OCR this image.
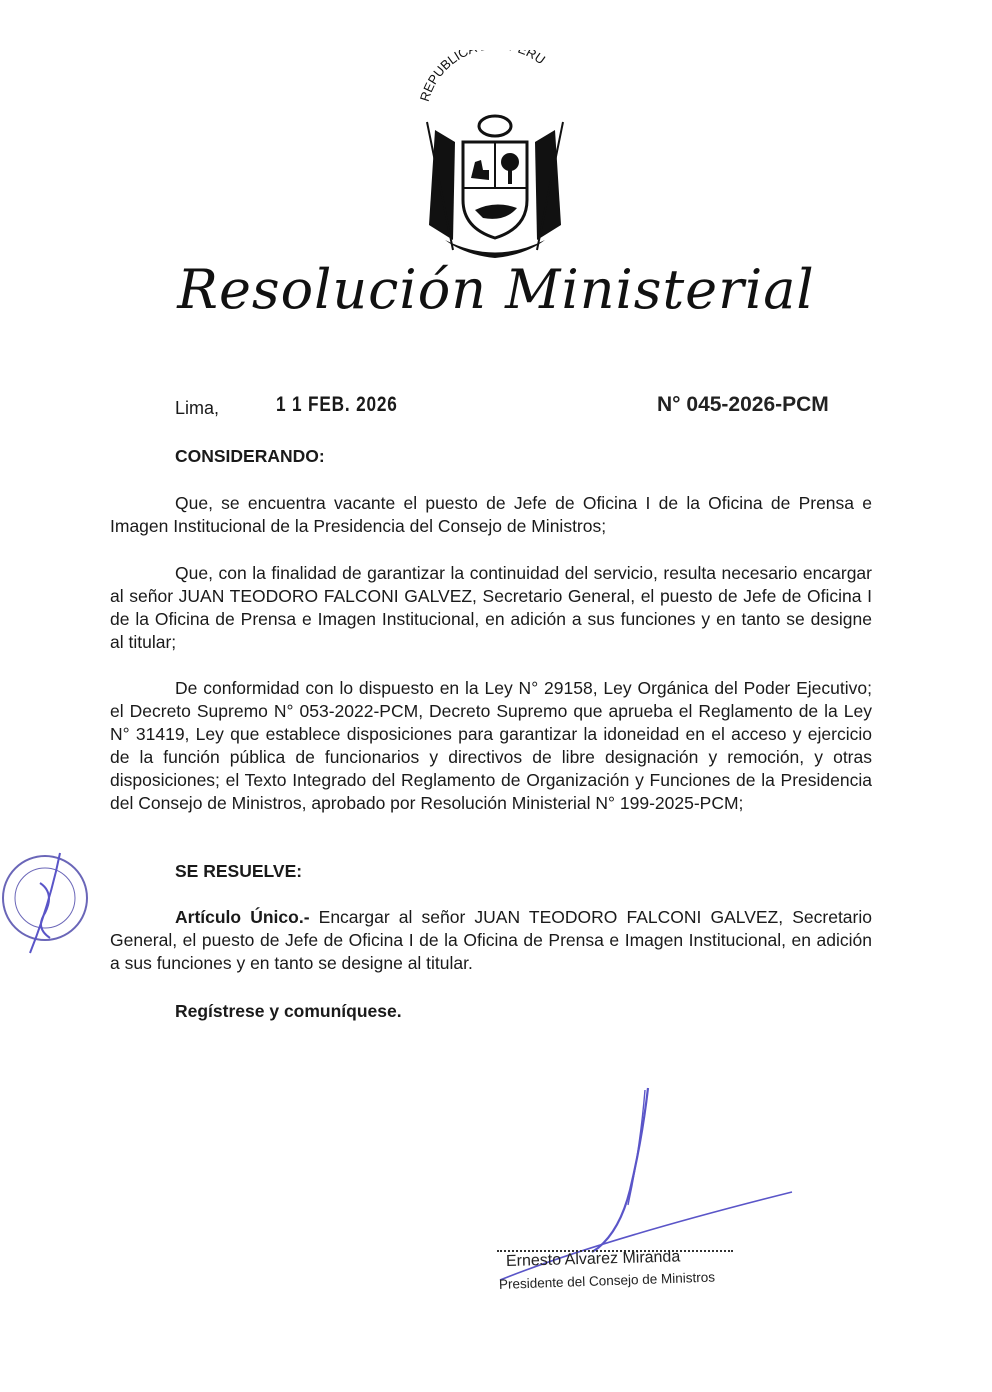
REPUBLIC RU
Resolución Ministerial
Lima,	1 1 FEB. 2026	N° 045-2026-PCM
CONSIDERANDO:

Que, se encuentra vacante el puesto de Jefe de Oficina I de la Oficina de Prensa e Imagen Institucional de la Presidencia del Consejo de Ministros;

Que, con la finalidad de garantizar la continuidad del servicio, resulta necesario encargar al señor JUAN TEODORO FALCONI GALVEZ, Secretario General, el puesto de Jefe de Oficina I de la Oficina de Prensa e Imagen Institucional, en adición a sus funciones y en tanto se designe al titular;

De conformidad con lo dispuesto en la Ley N° 29158, Ley Orgánica del Poder Ejecutivo; el Decreto Supremo N° 053-2022-PCM, Decreto Supremo que aprueba el Reglamento de la Ley N° 31419, Ley que establece disposiciones para garantizar la idoneidad en el acceso y ejercicio de la función pública de funcionarios y directivos de libre designación y remoción, y otras disposiciones; el Texto Integrado del Reglamento de Organización y Funciones de la Presidencia del Consejo de Ministros, aprobado por Resolución Ministerial N° 199-2025-PCM;

SE RESUELVE:

Artículo Único.- Encargar al señor JUAN TEODORO FALCONI GALVEZ, Secretario General, el puesto de Jefe de Oficina I de la Oficina de Prensa e Imagen Institucional, en adición a sus funciones y en tanto se designe al titular.

Regístrese y comuníquese.
Ernesto Alvarez Miranda
Presidente del Consejo de Ministros
